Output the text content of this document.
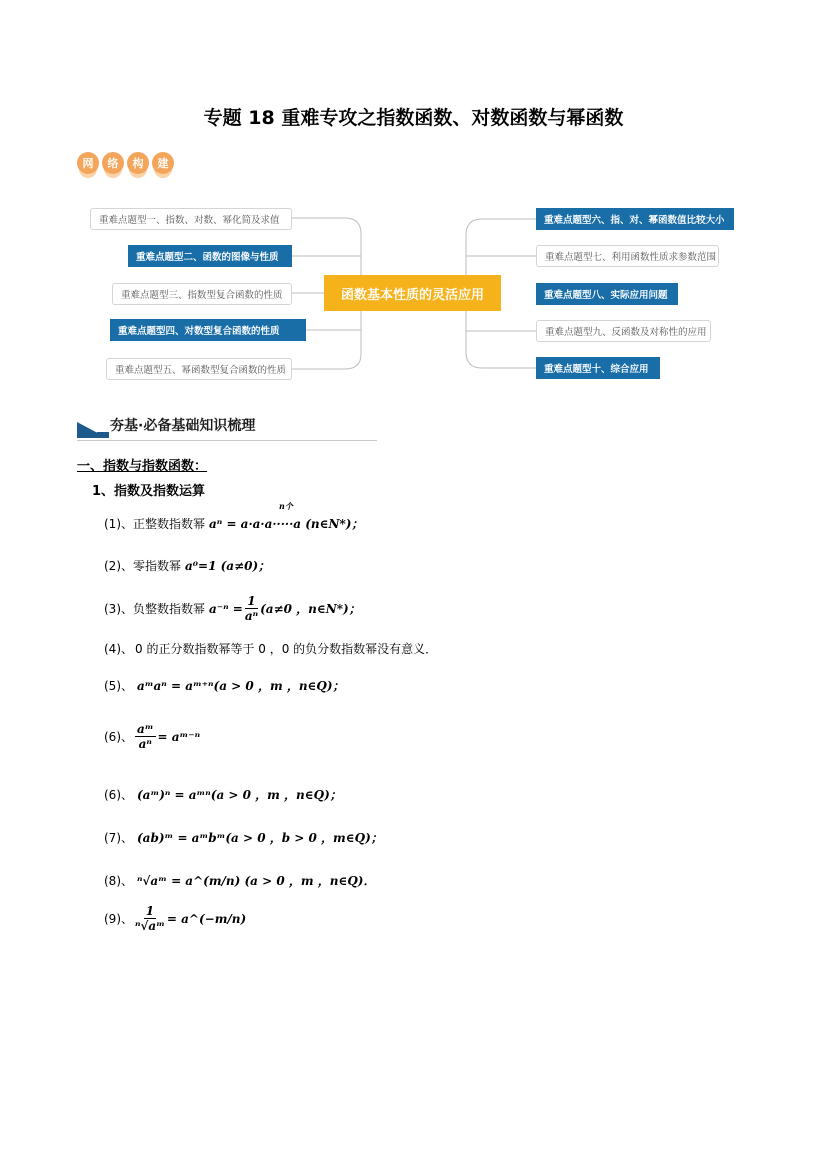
专题 18 重难专攻之指数函数、对数函数与幂函数
网	络	构	建
重难点题型一、指数、对数、幂化简及求值
重难点题型二、函数的图像与性质
重难点题型三、指数型复合函数的性质
重难点题型四、对数型复合函数的性质
重难点题型五、幂函数型复合函数的性质
函数基本性质的灵活应用
重难点题型六、指、对、幂函数值比较大小
重难点题型七、利用函数性质求参数范围
重难点题型八、实际应用问题
重难点题型九、反函数及对称性的应用
重难点题型十、综合应用
夯基·必备基础知识梳理
一、指数与指数函数：
1、指数及指数运算
(1)、正整数指数幂
n个
aⁿ = a·a·a·····a (n∈N*)；
(2)、零指数幂 a⁰=1 (a≠0)；
(3)、负整数指数幂 $a^{-n} = \frac{1}{\text{aⁿ}} (a\ne 0$ ，n∈N*)；
(4)、 0 的正分数指数幂等于 0 ，0 的负分数指数幂没有意义．
(5)、 aᵐaⁿ = aᵐ⁺ⁿ(a > 0 ，m ，n∈Q)；
(6)、 $\frac{\text{aᵐ}}{\text{aⁿ}}$ = aᵐ⁻ⁿ
(6)、 (aᵐ)ⁿ = aᵐⁿ(a > 0 ，m ，n∈Q)；
(7)、 (ab)ᵐ = aᵐbᵐ(a > 0 ，b > 0 ，m∈Q)；
(8)、 ⁿ√aᵐ = a^(m/n) (a > 0 ，m ，n∈Q)．
(9)、 $\frac{1}{\text{ⁿ√aᵐ}}$ = a^(−m/n)
